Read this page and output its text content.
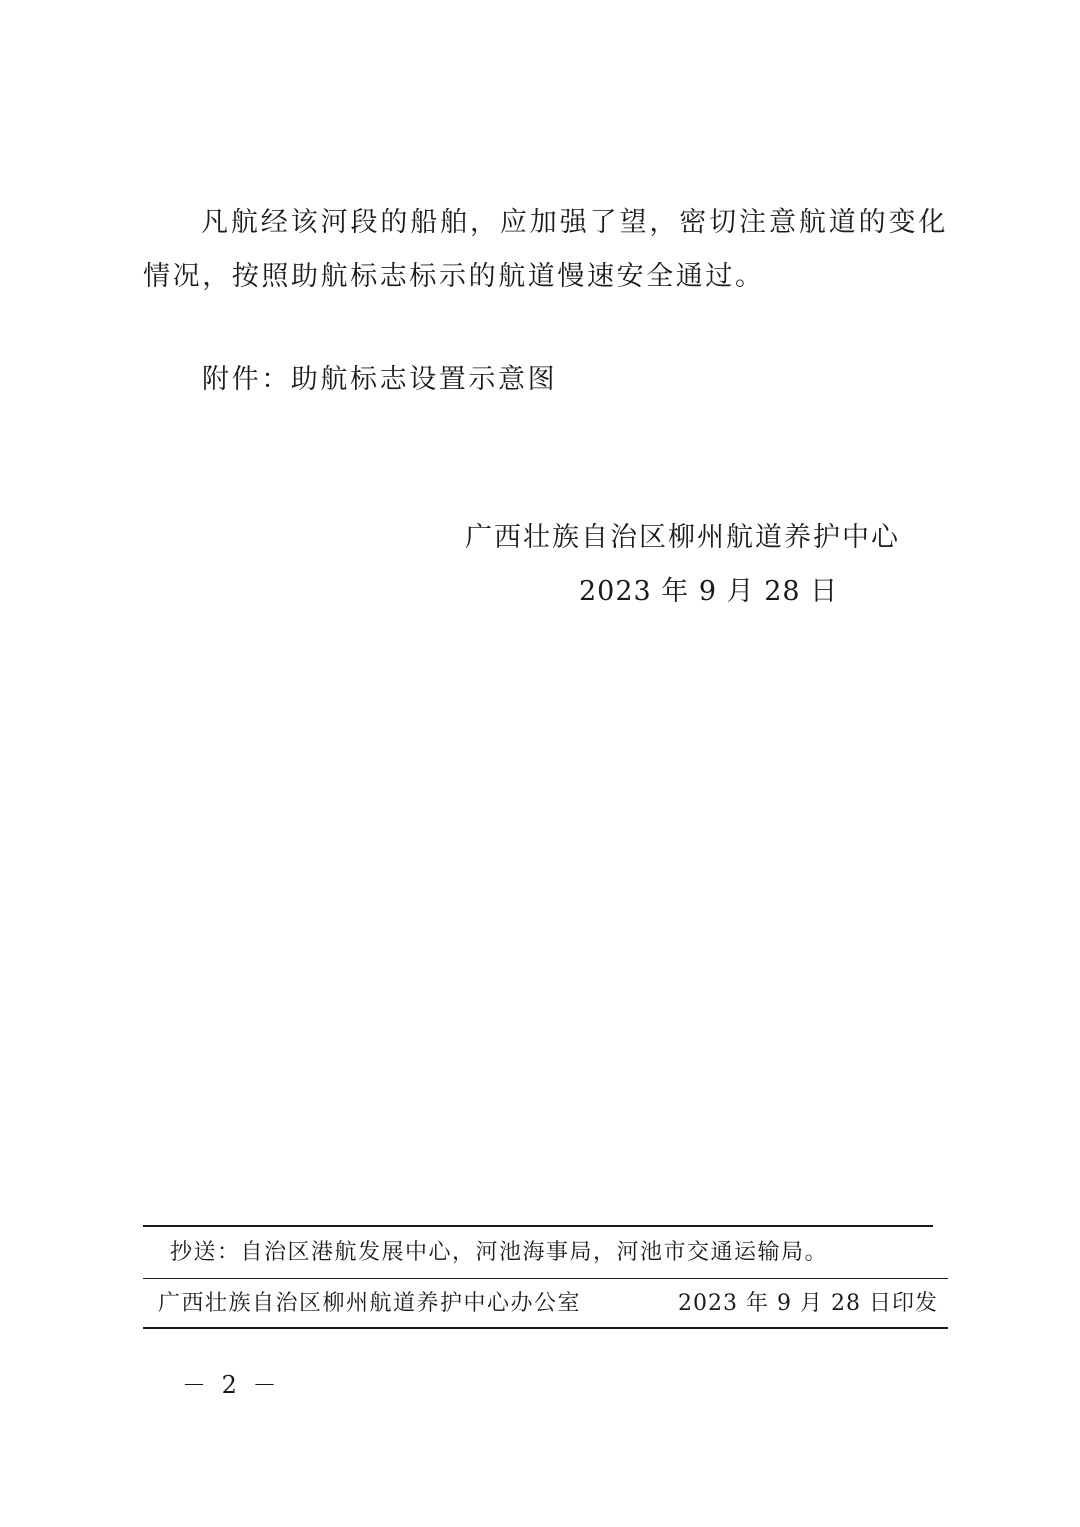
凡航经该河段的船舶，应加强了望，密切注意航道的变化情况，按照助航标志标示的航道慢速安全通过。

附件：助航标志设置示意图

广西壮族自治区柳州航道养护中心

2023 年 9 月 28 日

抄送：自治区港航发展中心，河池海事局，河池市交通运输局。

广西壮族自治区柳州航道养护中心办公室	2023 年 9 月 28 日印发

－ 2 －
